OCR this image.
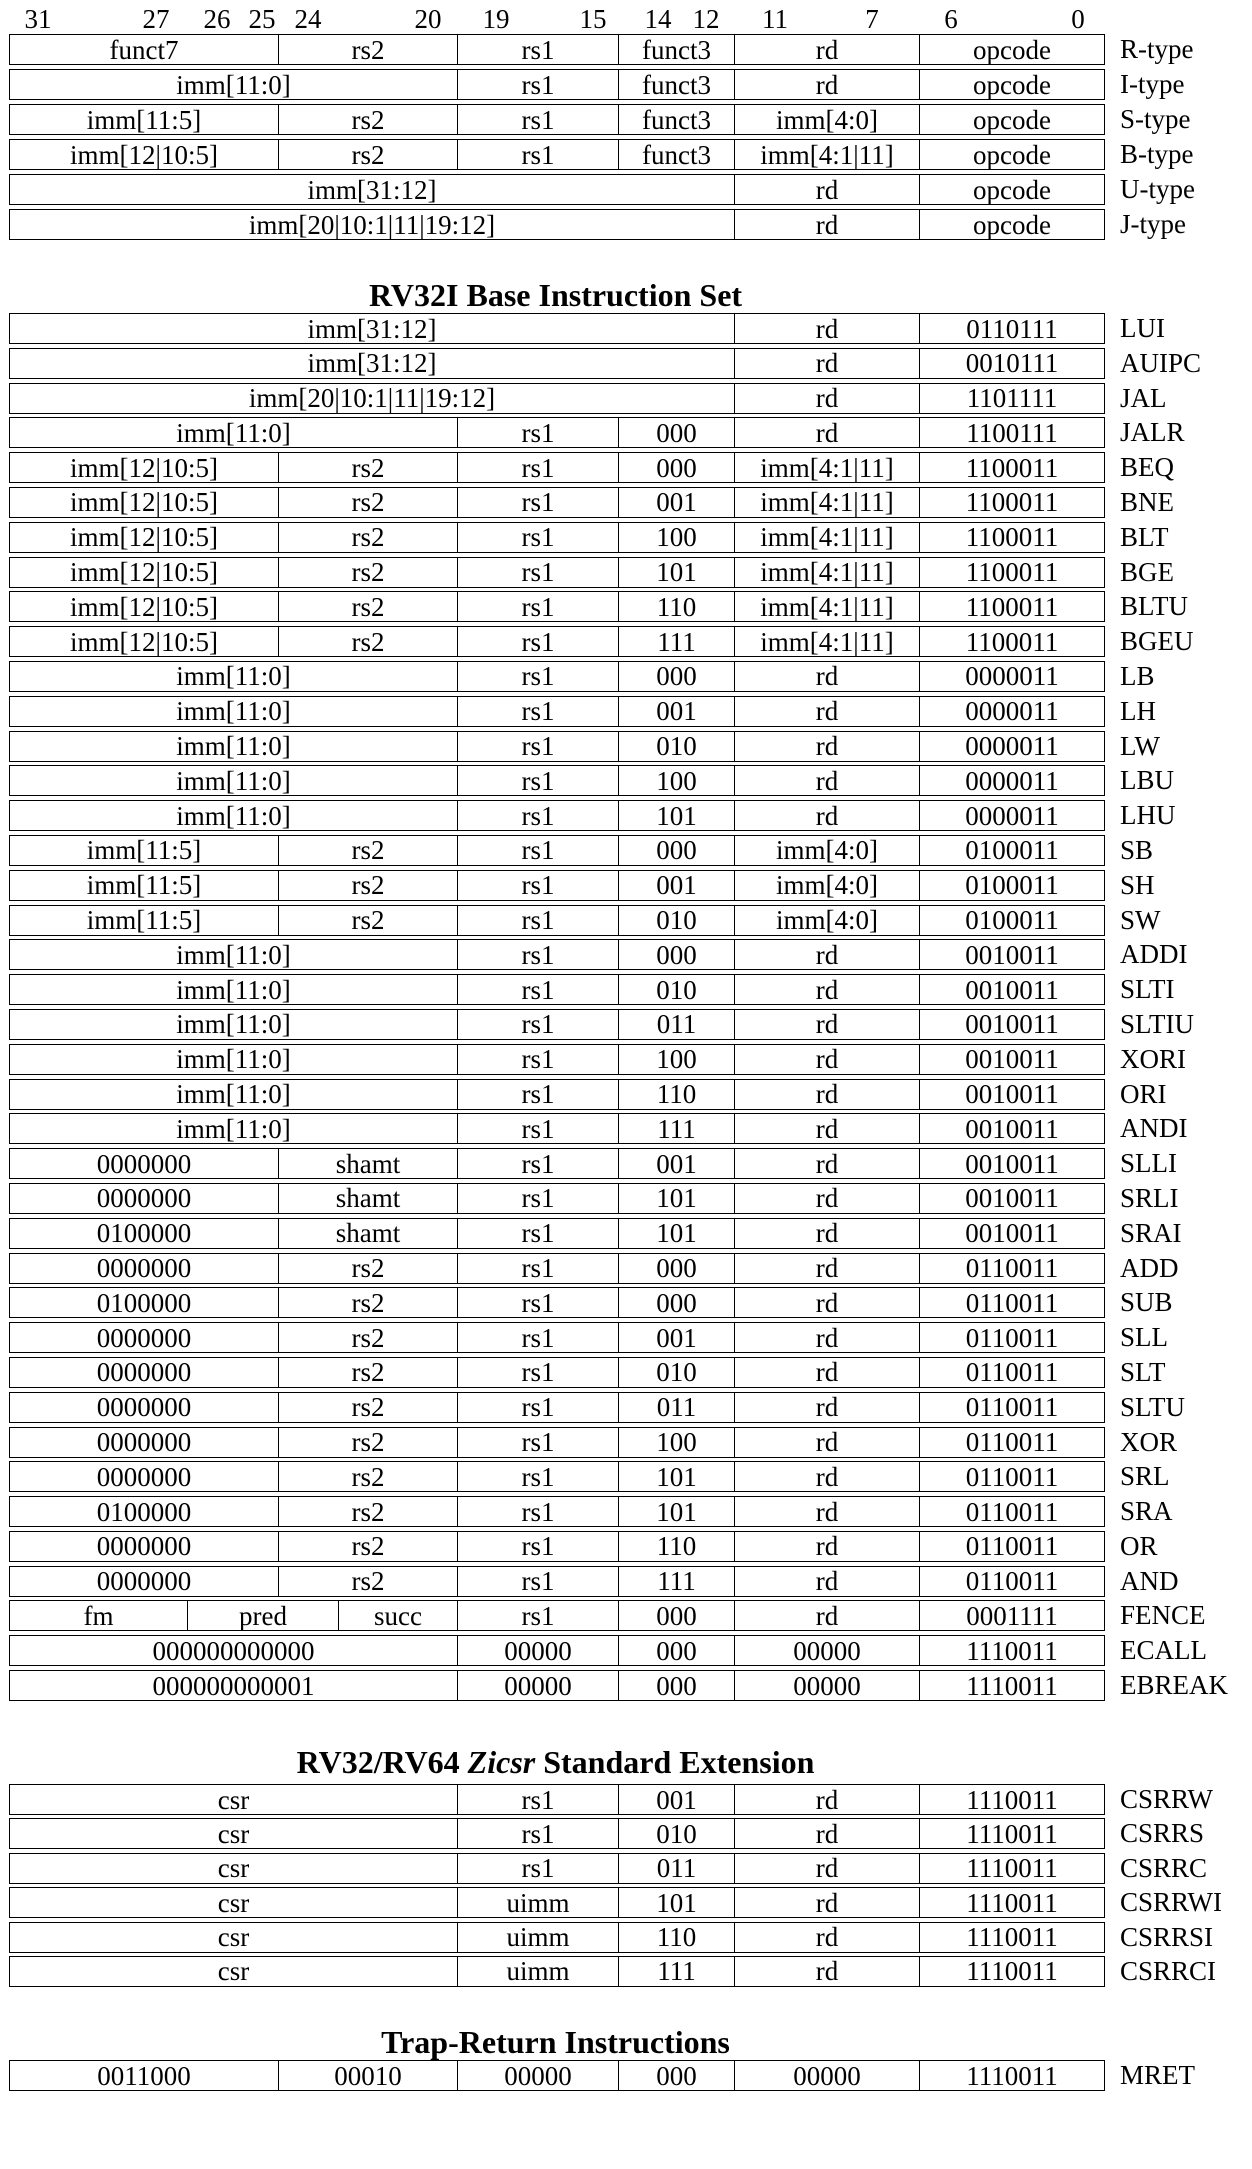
31	27 26 25 24	20 19	15 14 12 11	7 6	0
funct7	rs2	rs1	funct3	rd	opcode	R-type
imm[11:0]	rs1	funct3	rd	opcode	I-type
imm[11:5]	rs2	rs1	funct3	imm[4:0]	opcode	S-type
imm[12|10:5]	rs2	rs1	funct3	imm[4:1|11]	opcode	B-type
imm[31:12]	rd	opcode	U-type
imm[20|10:1|11|19:12]	rd	opcode	J-type
RV32I Base Instruction Set
imm[31:12]	rd	0110111	LUI
imm[31:12]	rd	0010111	AUIPC
imm[20|10:1|11|19:12]	rd	1101111	JAL
imm[11:0]	rs1	000	rd	1100111	JALR
imm[12|10:5]	rs2	rs1	000	imm[4:1|11]	1100011	BEQ
imm[12|10:5]	rs2	rs1	001	imm[4:1|11]	1100011	BNE
imm[12|10:5]	rs2	rs1	100	imm[4:1|11]	1100011	BLT
imm[12|10:5]	rs2	rs1	101	imm[4:1|11]	1100011	BGE
imm[12|10:5]	rs2	rs1	110	imm[4:1|11]	1100011	BLTU
imm[12|10:5]	rs2	rs1	111	imm[4:1|11]	1100011	BGEU
imm[11:0]	rs1	000	rd	0000011	LB
imm[11:0]	rs1	001	rd	0000011	LH
imm[11:0]	rs1	010	rd	0000011	LW
imm[11:0]	rs1	100	rd	0000011	LBU
imm[11:0]	rs1	101	rd	0000011	LHU
imm[11:5]	rs2	rs1	000	imm[4:0]	0100011	SB
imm[11:5]	rs2	rs1	001	imm[4:0]	0100011	SH
imm[11:5]	rs2	rs1	010	imm[4:0]	0100011	SW
imm[11:0]	rs1	000	rd	0010011	ADDI
imm[11:0]	rs1	010	rd	0010011	SLTI
imm[11:0]	rs1	011	rd	0010011	SLTIU
imm[11:0]	rs1	100	rd	0010011	XORI
imm[11:0]	rs1	110	rd	0010011	ORI
imm[11:0]	rs1	111	rd	0010011	ANDI
0000000	shamt	rs1	001	rd	0010011	SLLI
0000000	shamt	rs1	101	rd	0010011	SRLI
0100000	shamt	rs1	101	rd	0010011	SRAI
0000000	rs2	rs1	000	rd	0110011	ADD
0100000	rs2	rs1	000	rd	0110011	SUB
0000000	rs2	rs1	001	rd	0110011	SLL
0000000	rs2	rs1	010	rd	0110011	SLT
0000000	rs2	rs1	011	rd	0110011	SLTU
0000000	rs2	rs1	100	rd	0110011	XOR
0000000	rs2	rs1	101	rd	0110011	SRL
0100000	rs2	rs1	101	rd	0110011	SRA
0000000	rs2	rs1	110	rd	0110011	OR
0000000	rs2	rs1	111	rd	0110011	AND
fm	pred	succ	rs1	000	rd	0001111	FENCE
000000000000	00000	000	00000	1110011	ECALL
000000000001	00000	000	00000	1110011	EBREAK
RV32/RV64 Zicsr Standard Extension
csr	rs1	001	rd	1110011	CSRRW
csr	rs1	010	rd	1110011	CSRRS
csr	rs1	011	rd	1110011	CSRRC
csr	uimm	101	rd	1110011	CSRRWI
csr	uimm	110	rd	1110011	CSRRSI
csr	uimm	111	rd	1110011	CSRRCI
Trap-Return Instructions
0011000	00010	00000	000	00000	1110011	MRET
